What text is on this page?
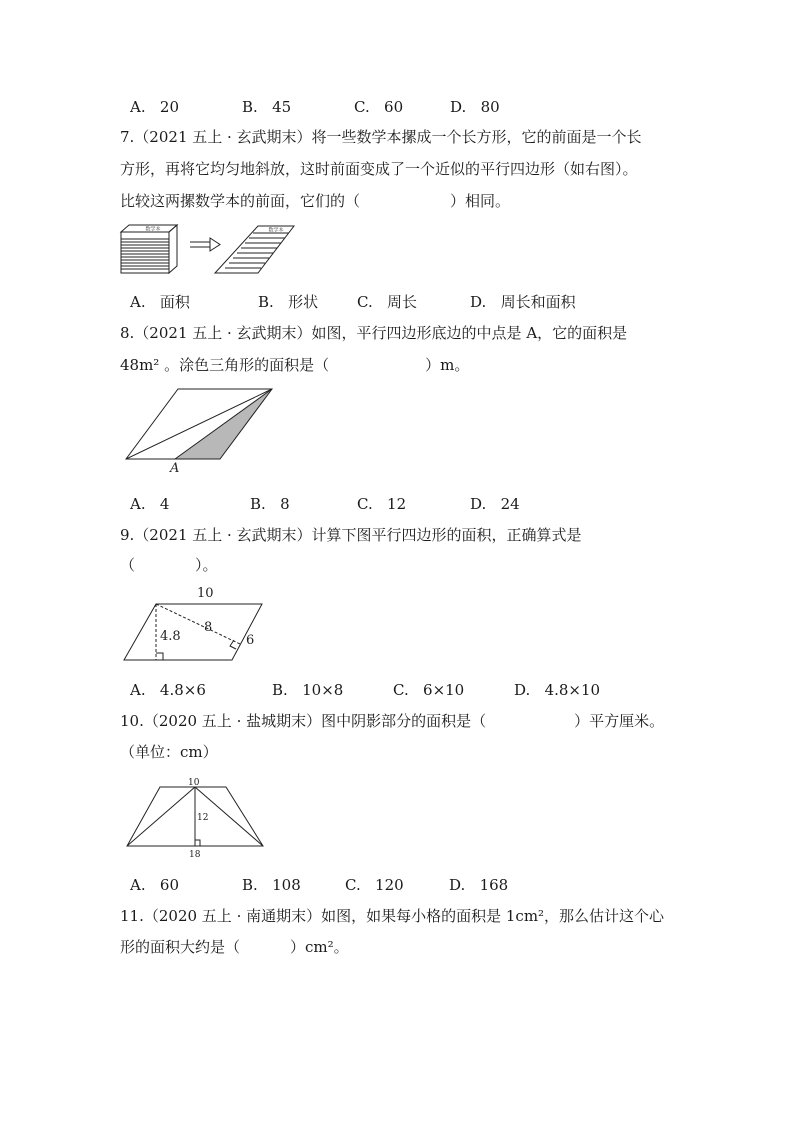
A. 20	B. 45	C. 60	D. 80
7.（2021 五上 · 玄武期末）将一些数学本摞成一个长方形，它的前面是一个长
方形，再将它均匀地斜放，这时前面变成了一个近似的平行四边形（如右图）。
比较这两摞数学本的前面，它们的（	）相同。
数学本	数学本
A. 面积	B. 形状	C. 周长	D. 周长和面积
8.（2021 五上 · 玄武期末）如图，平行四边形底边的中点是 A，它的面积是
48m² 。涂色三角形的面积是（	）m。
A
A. 4	B. 8	C. 12	D. 24
9.（2021 五上 · 玄武期末）计算下图平行四边形的面积，正确算式是
（	）。
10
4.8
8
6
A. 4.8×6	B. 10×8	C. 6×10	D. 4.8×10
10.（2020 五上 · 盐城期末）图中阴影部分的面积是（	）平方厘米。
（单位：cm）
10
12
18
A. 60	B. 108	C. 120	D. 168
11.（2020 五上 · 南通期末）如图，如果每小格的面积是 1cm²，那么估计这个心
形的面积大约是（	）cm²。
